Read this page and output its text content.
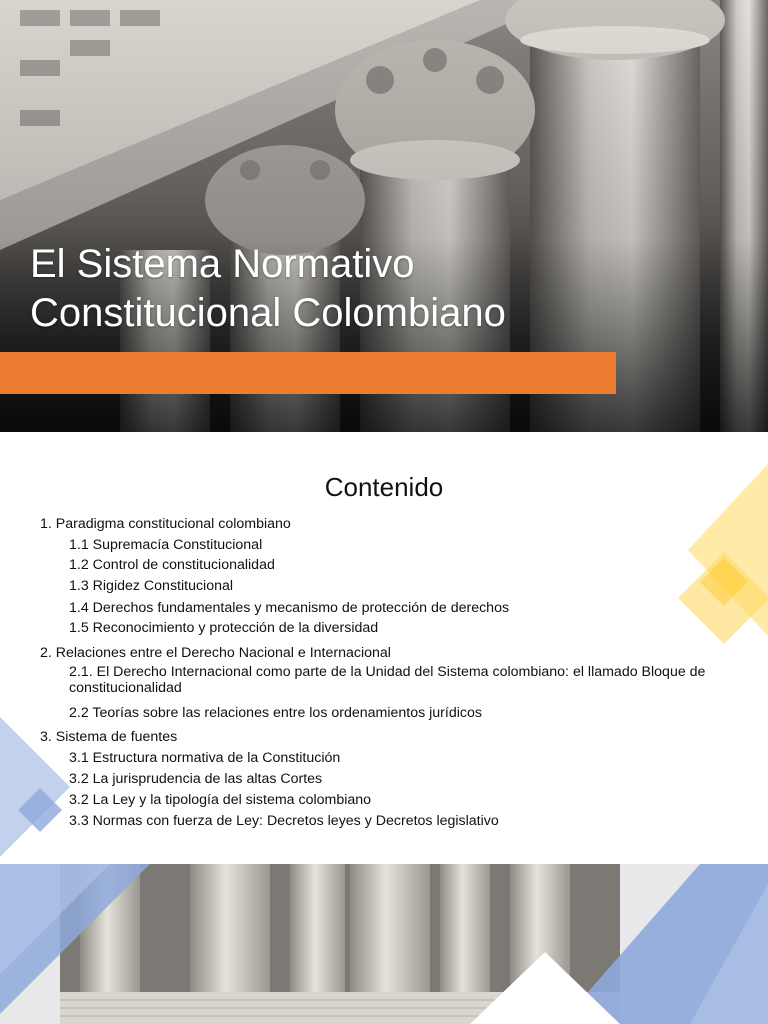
El Sistema Normativo
Constitucional Colombiano
Contenido
1. Paradigma constitucional colombiano
1.1 Supremacía Constitucional
1.2 Control de constitucionalidad
1.3 Rigidez Constitucional
1.4 Derechos fundamentales y mecanismo de protección de derechos
1.5 Reconocimiento y protección de la diversidad
2. Relaciones entre el Derecho Nacional e Internacional
2.1. El Derecho Internacional como parte de la Unidad del Sistema colombiano: el llamado Bloque de constitucionalidad
2.2 Teorías sobre las relaciones entre los ordenamientos jurídicos
3. Sistema de fuentes
3.1 Estructura normativa de la Constitución
3.2 La jurisprudencia de las altas Cortes
3.2 La Ley y la tipología del sistema colombiano
3.3 Normas con fuerza de Ley: Decretos leyes y Decretos legislativo
